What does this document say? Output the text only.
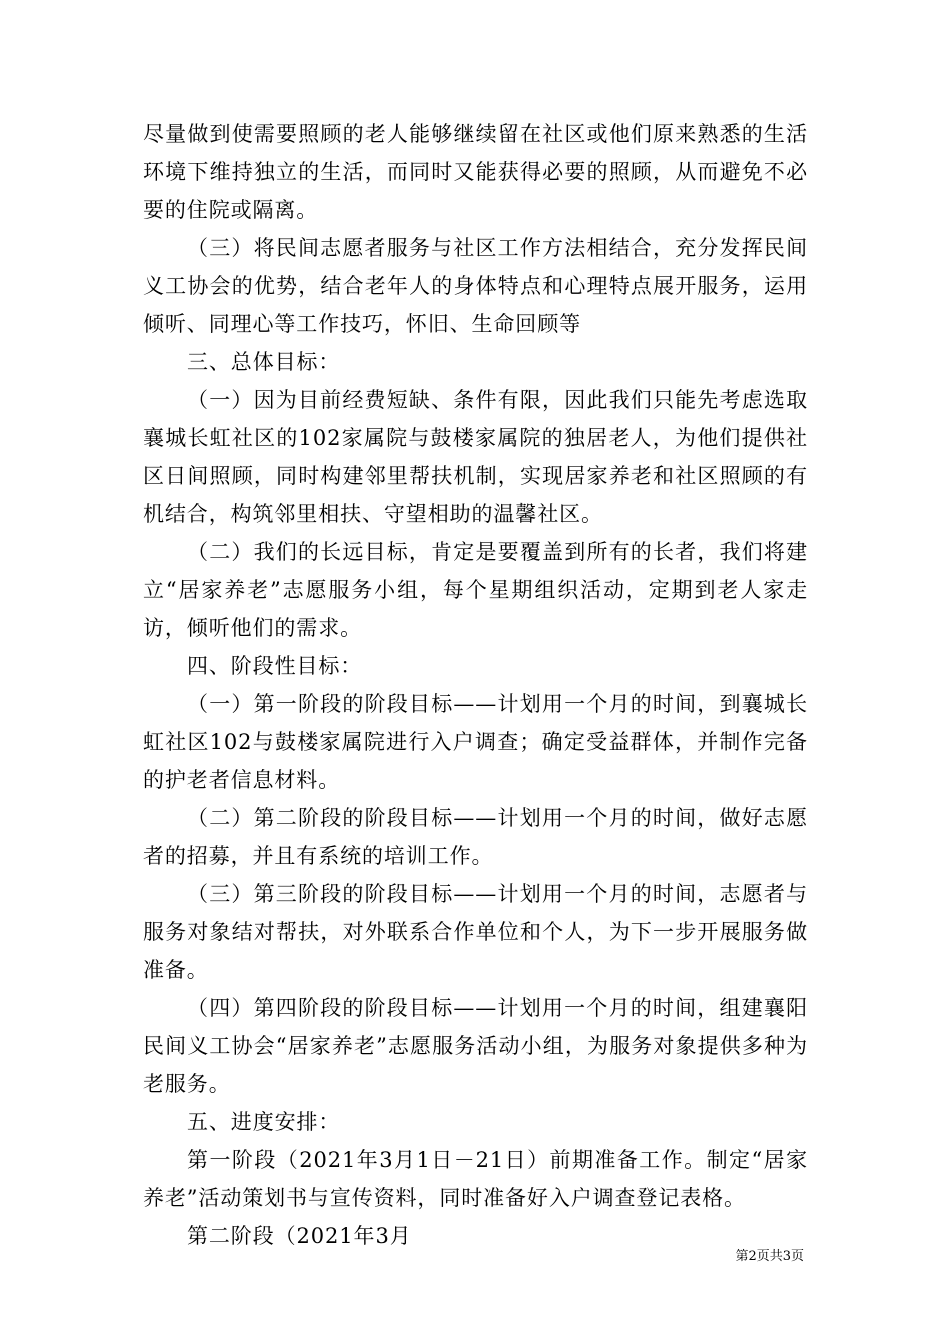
尽量做到使需要照顾的老人能够继续留在社区或他们原来熟悉的生活环境下维持独立的生活，而同时又能获得必要的照顾，从而避免不必要的住院或隔离。

（三）将民间志愿者服务与社区工作方法相结合，充分发挥民间义工协会的优势，结合老年人的身体特点和心理特点展开服务，运用倾听、同理心等工作技巧，怀旧、生命回顾等

三、总体目标：

（一）因为目前经费短缺、条件有限，因此我们只能先考虑选取襄城长虹社区的102家属院与鼓楼家属院的独居老人，为他们提供社区日间照顾，同时构建邻里帮扶机制，实现居家养老和社区照顾的有机结合，构筑邻里相扶、守望相助的温馨社区。

（二）我们的长远目标，肯定是要覆盖到所有的长者，我们将建立“居家养老”志愿服务小组，每个星期组织活动，定期到老人家走访，倾听他们的需求。

四、阶段性目标：

（一）第一阶段的阶段目标——计划用一个月的时间，到襄城长虹社区102与鼓楼家属院进行入户调查；确定受益群体，并制作完备的护老者信息材料。

（二）第二阶段的阶段目标——计划用一个月的时间，做好志愿者的招募，并且有系统的培训工作。

（三）第三阶段的阶段目标——计划用一个月的时间，志愿者与服务对象结对帮扶，对外联系合作单位和个人，为下一步开展服务做准备。

（四）第四阶段的阶段目标——计划用一个月的时间，组建襄阳民间义工协会“居家养老”志愿服务活动小组，为服务对象提供多种为老服务。

五、进度安排：

第一阶段（2021年3月1日－21日）前期准备工作。制定“居家养老”活动策划书与宣传资料，同时准备好入户调查登记表格。

第二阶段（2021年3月

第2页共3页
